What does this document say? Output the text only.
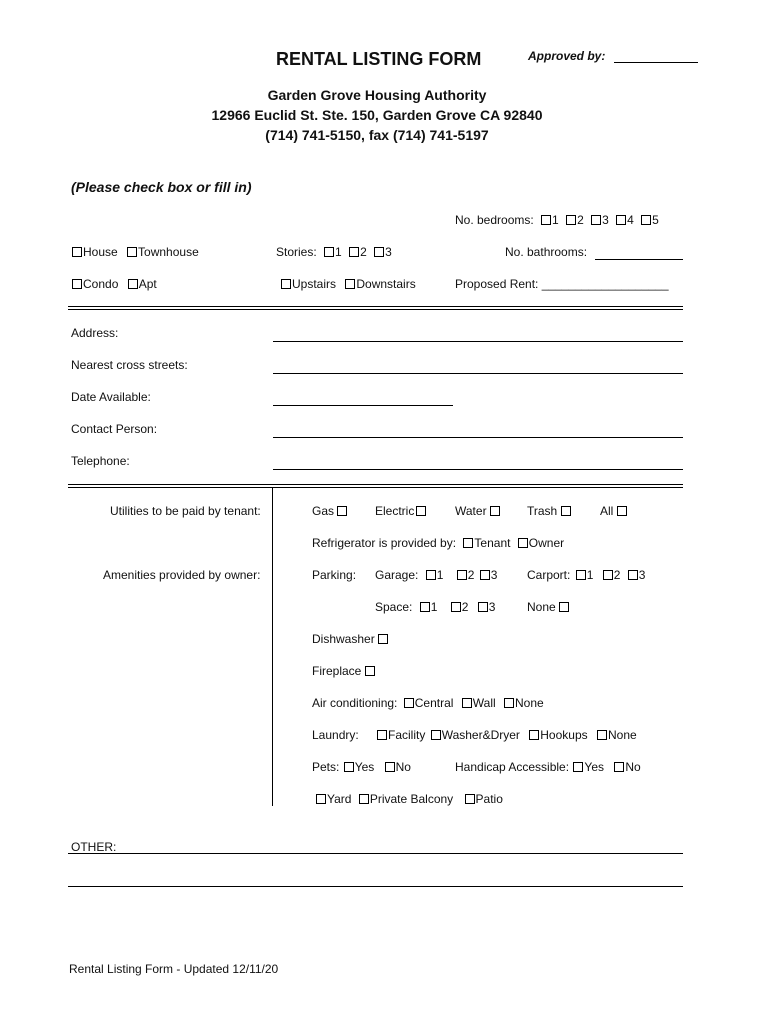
RENTAL LISTING FORM	Approved by:
Garden Grove Housing Authority
12966 Euclid St. Ste. 150, Garden Grove CA 92840
(714) 741-5150, fax (714) 741-5197
(Please check box or fill in)
No. bedrooms: 1 2 3 4 5
House Townhouse	Stories: 1 2 3	No. bathrooms:
Condo Apt	Upstairs Downstairs	Proposed Rent: ___________________
Address:
Nearest cross streets:
Date Available:
Contact Person:
Telephone:
Utilities to be paid by tenant:	Gas	Electric	Water	Trash	All
Refrigerator is provided by: Tenant Owner
Amenities provided by owner:	Parking: Garage: 1 2 3 Carport: 1 2 3
Space: 1 2 3	None
Dishwasher
Fireplace
Air conditioning: Central Wall None
Laundry:	Facility Washer&Dryer Hookups None
Pets: Yes No	Handicap Accessible: Yes No
Yard Private Balcony Patio
OTHER:
Rental Listing Form - Updated 12/11/20
